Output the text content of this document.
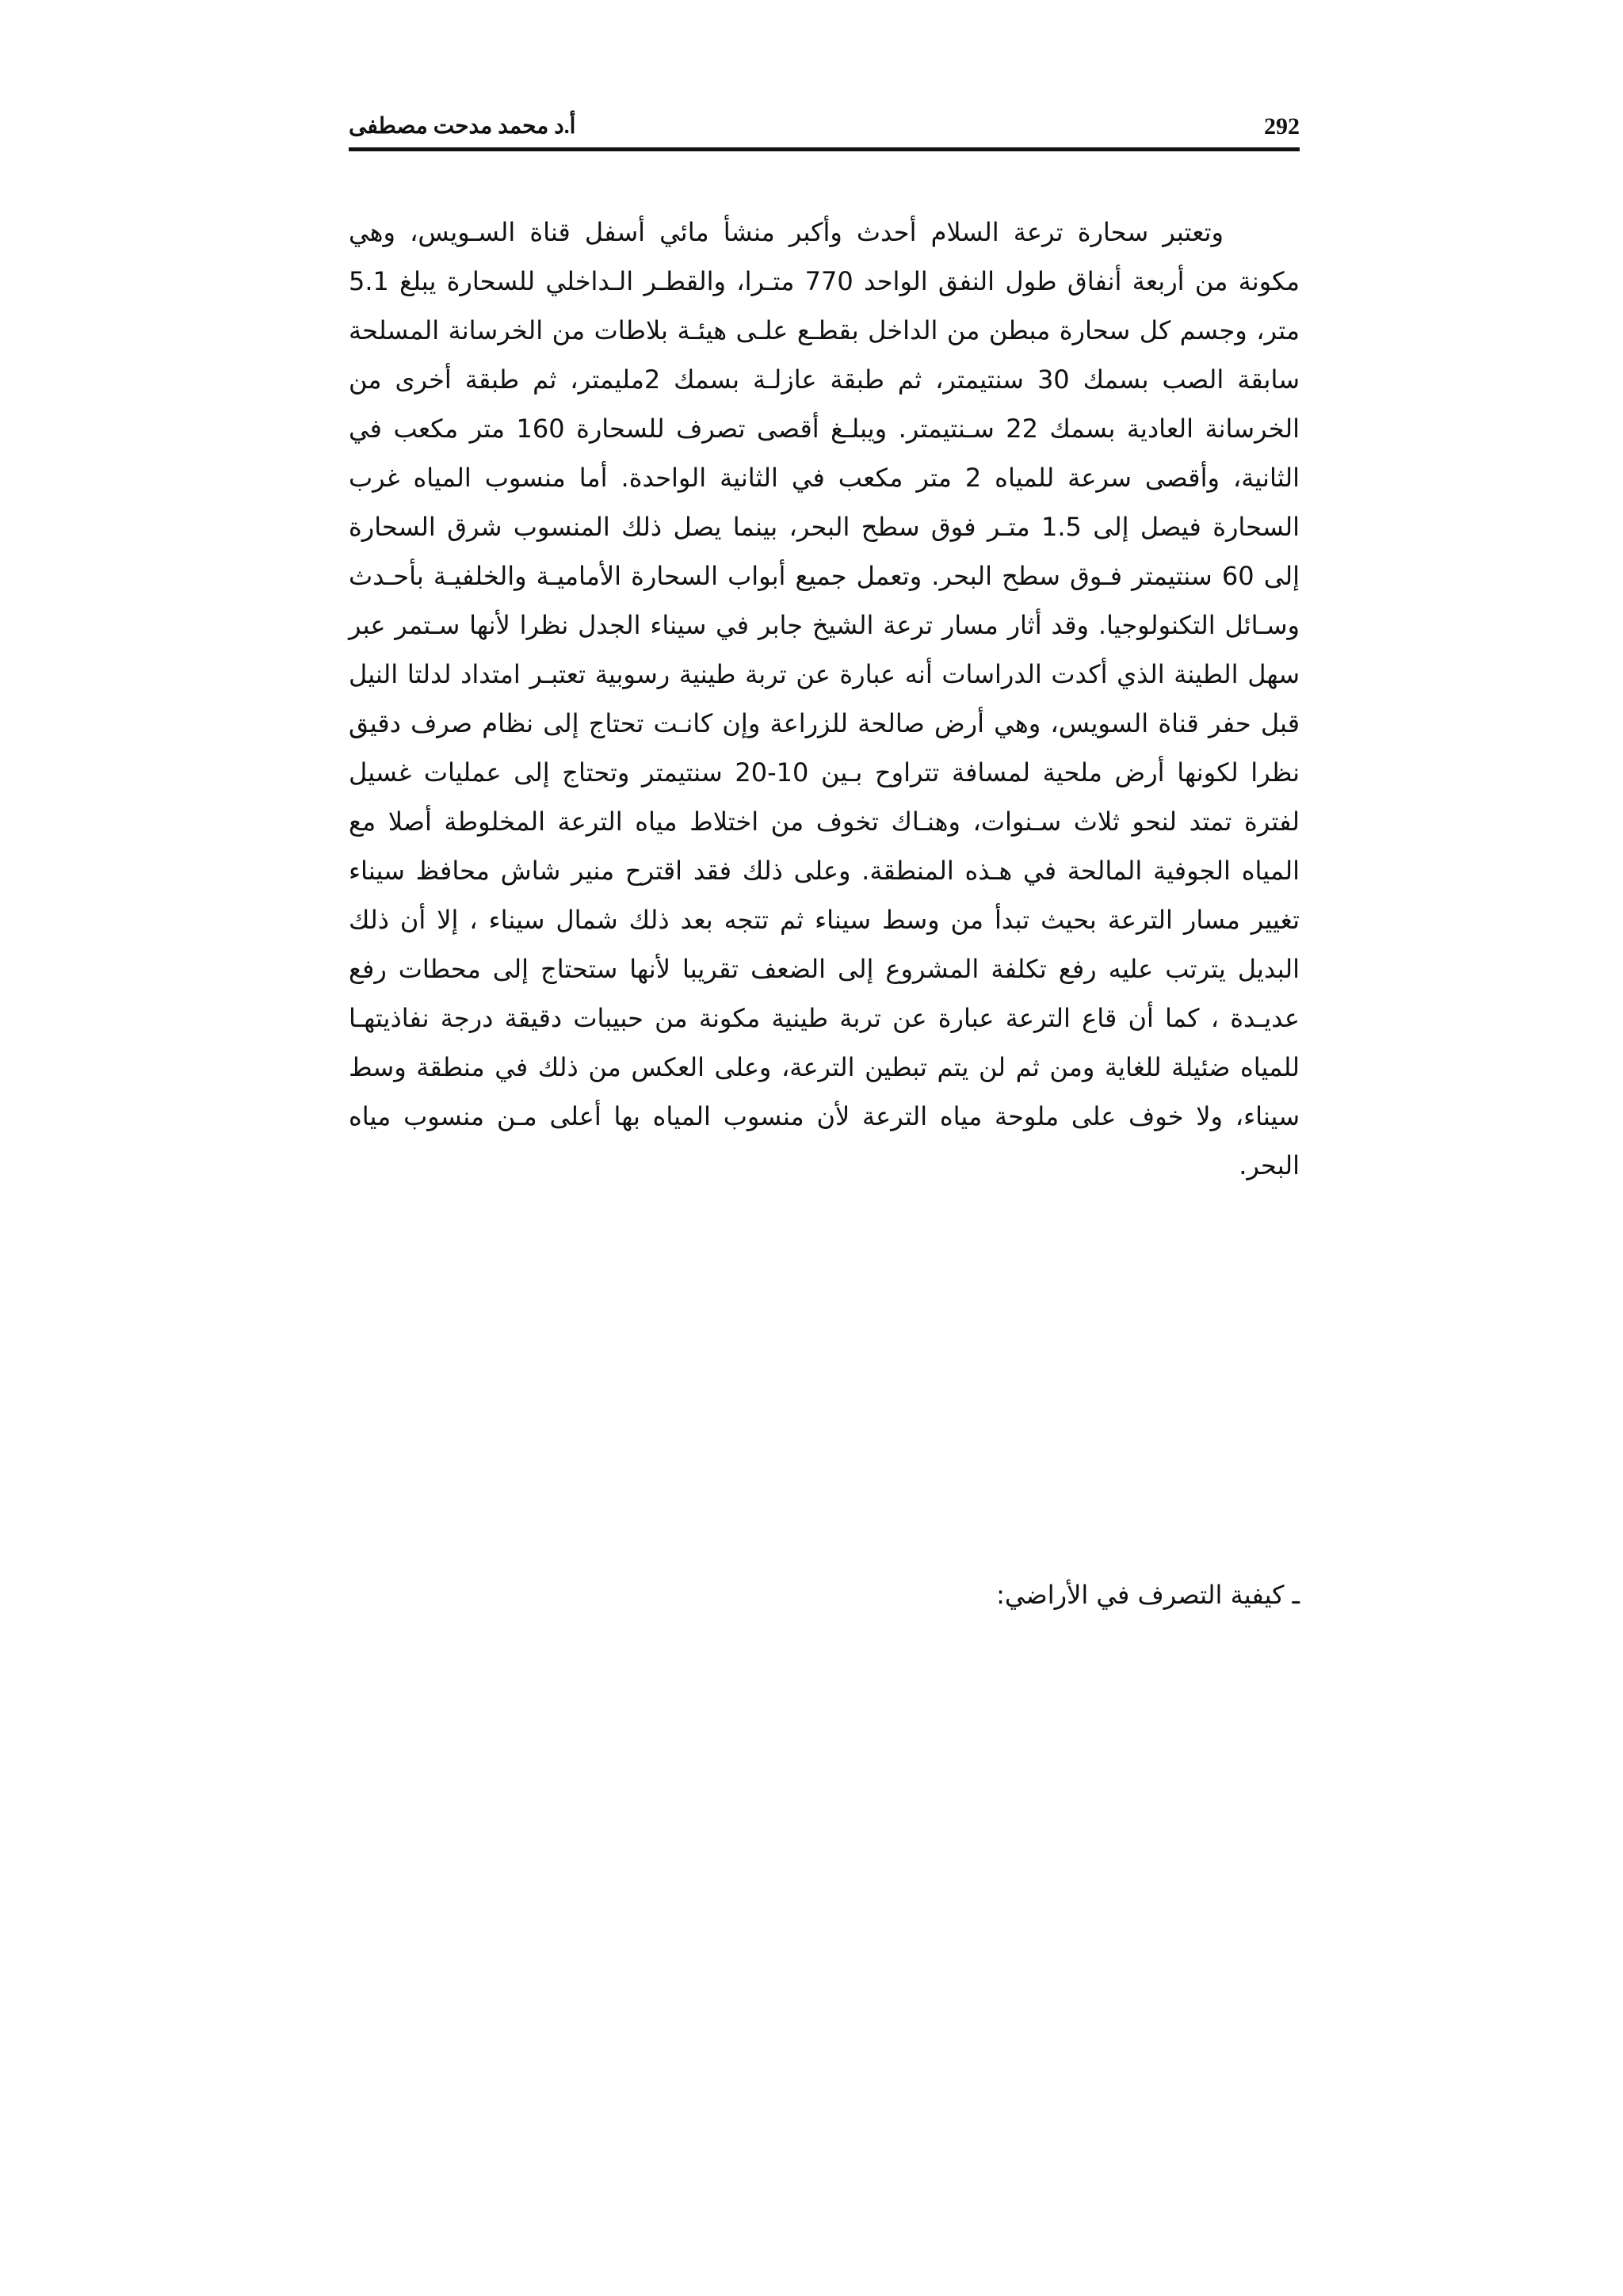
292
أ.د محمد مدحت مصطفى

وتعتبر سحارة ترعة السلام أحدث وأكبر منشأ مائي أسفل قناة السـويس، وهي مكونة من أربعة أنفاق طول النفق الواحد 770 متـرا، والقطـر الـداخلي للسحارة يبلغ 5.1 متر، وجسم كل سحارة مبطن من الداخل بقطـع علـى هيئـة بلاطات من الخرسانة المسلحة سابقة الصب بسمك 30 سنتيمتر، ثم طبقة عازلـة بسمك 2مليمتر، ثم طبقة أخرى من الخرسانة العادية بسمك 22 سـنتيمتر. ويبلـغ أقصى تصرف للسحارة 160 متر مكعب في الثانية، وأقصى سرعة للمياه 2 متر مكعب في الثانية الواحدة. أما منسوب المياه غرب السحارة فيصل إلى 1.5 متـر فوق سطح البحر، بينما يصل ذلك المنسوب شرق السحارة إلى 60 سنتيمتر فـوق سطح البحر. وتعمل جميع أبواب السحارة الأماميـة والخلفيـة بأحـدث وسـائل التكنولوجيا. وقد أثار مسار ترعة الشيخ جابر في سيناء الجدل نظرا لأنها سـتمر عبر سهل الطينة الذي أكدت الدراسات أنه عبارة عن تربة طينية رسوبية تعتبـر امتداد لدلتا النيل قبل حفر قناة السويس، وهي أرض صالحة للزراعة وإن كانـت تحتاج إلى نظام صرف دقيق نظرا لكونها أرض ملحية لمسافة تتراوح بـين 10-20 سنتيمتر وتحتاج إلى عمليات غسيل لفترة تمتد لنحو ثلاث سـنوات، وهنـاك تخوف من اختلاط مياه الترعة المخلوطة أصلا مع المياه الجوفية المالحة في هـذه المنطقة. وعلى ذلك فقد اقترح منير شاش محافظ سيناء تغيير مسار الترعة بحيث تبدأ من وسط سيناء ثم تتجه بعد ذلك شمال سيناء ، إلا أن ذلك البديل يترتب عليه رفع تكلفة المشروع إلى الضعف تقريبا لأنها ستحتاج إلى محطات رفع عديـدة ، كما أن قاع الترعة عبارة عن تربة طينية مكونة من حبيبات دقيقة درجة نفاذيتهـا للمياه ضئيلة للغاية ومن ثم لن يتم تبطين الترعة، وعلى العكس من ذلك في منطقة وسط سيناء، ولا خوف على ملوحة مياه الترعة لأن منسوب المياه بها أعلى مـن منسوب مياه البحر.

ـ كيفية التصرف في الأراضي:
